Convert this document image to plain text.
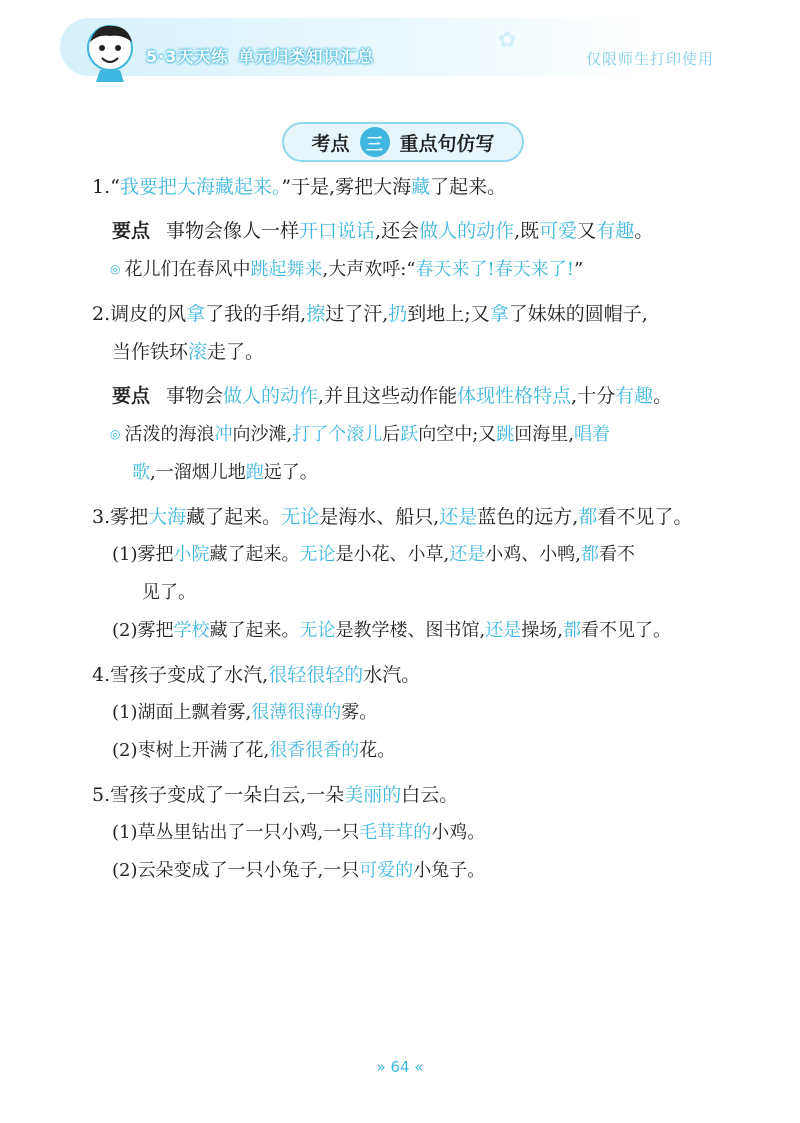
5·3天天练 单元归类知识汇总
✿
仅限师生打印使用
考点 三 重点句仿写
1.“我要把大海藏起来。”于是,雾把大海藏了起来。
要点 事物会像人一样开口说话,还会做人的动作,既可爱又有趣。
◎ 花儿们在春风中跳起舞来,大声欢呼:“春天来了!春天来了!”
2.调皮的风拿了我的手绢,擦过了汗,扔到地上;又拿了妹妹的圆帽子,
当作铁环滚走了。
要点 事物会做人的动作,并且这些动作能体现性格特点,十分有趣。
◎ 活泼的海浪冲向沙滩,打了个滚儿后跃向空中;又跳回海里,唱着
歌,一溜烟儿地跑远了。
3.雾把大海藏了起来。无论是海水、船只,还是蓝色的远方,都看不见了。
(1)雾把小院藏了起来。无论是小花、小草,还是小鸡、小鸭,都看不
见了。
(2)雾把学校藏了起来。无论是教学楼、图书馆,还是操场,都看不见了。
4.雪孩子变成了水汽,很轻很轻的水汽。
(1)湖面上飘着雾,很薄很薄的雾。
(2)枣树上开满了花,很香很香的花。
5.雪孩子变成了一朵白云,一朵美丽的白云。
(1)草丛里钻出了一只小鸡,一只毛茸茸的小鸡。
(2)云朵变成了一只小兔子,一只可爱的小兔子。
» 64 «
